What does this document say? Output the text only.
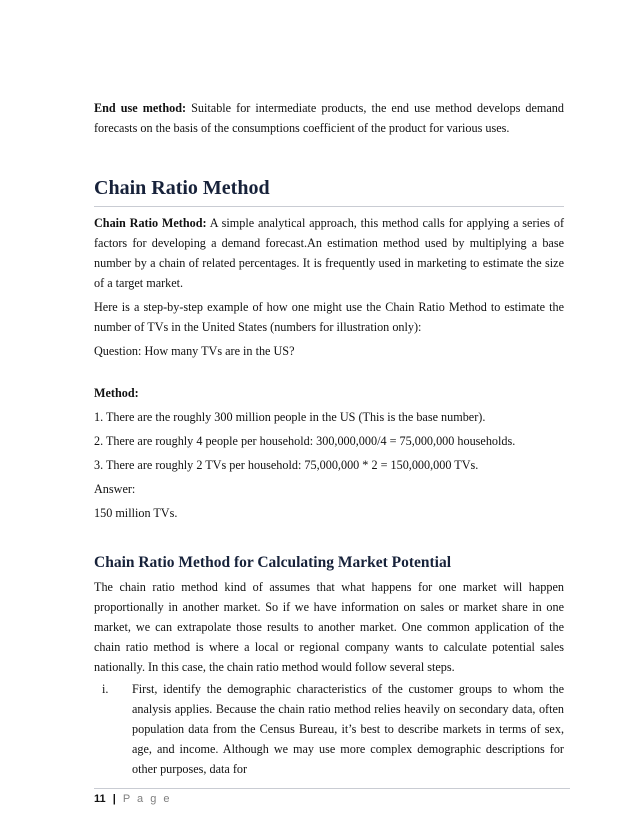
End use method: Suitable for intermediate products, the end use method develops demand forecasts on the basis of the consumptions coefficient of the product for various uses.

Chain Ratio Method

Chain Ratio Method: A simple analytical approach, this method calls for applying a series of factors for developing a demand forecast.An estimation method used by multiplying a base number by a chain of related percentages. It is frequently used in marketing to estimate the size of a target market.

Here is a step-by-step example of how one might use the Chain Ratio Method to estimate the number of TVs in the United States (numbers for illustration only):

Question: How many TVs are in the US?

Method:

1. There are the roughly 300 million people in the US (This is the base number).

2. There are roughly 4 people per household: 300,000,000/4 = 75,000,000 households.

3. There are roughly 2 TVs per household: 75,000,000 * 2 = 150,000,000 TVs.

Answer:

150 million TVs.

Chain Ratio Method for Calculating Market Potential

The chain ratio method kind of assumes that what happens for one market will happen proportionally in another market. So if we have information on sales or market share in one market, we can extrapolate those results to another market. One common application of the chain ratio method is where a local or regional company wants to calculate potential sales nationally. In this case, the chain ratio method would follow several steps.

i.	First, identify the demographic characteristics of the customer groups to whom the analysis applies. Because the chain ratio method relies heavily on secondary data, often population data from the Census Bureau, it’s best to describe markets in terms of sex, age, and income. Although we may use more complex demographic descriptions for other purposes, data for

11 | P a g e
